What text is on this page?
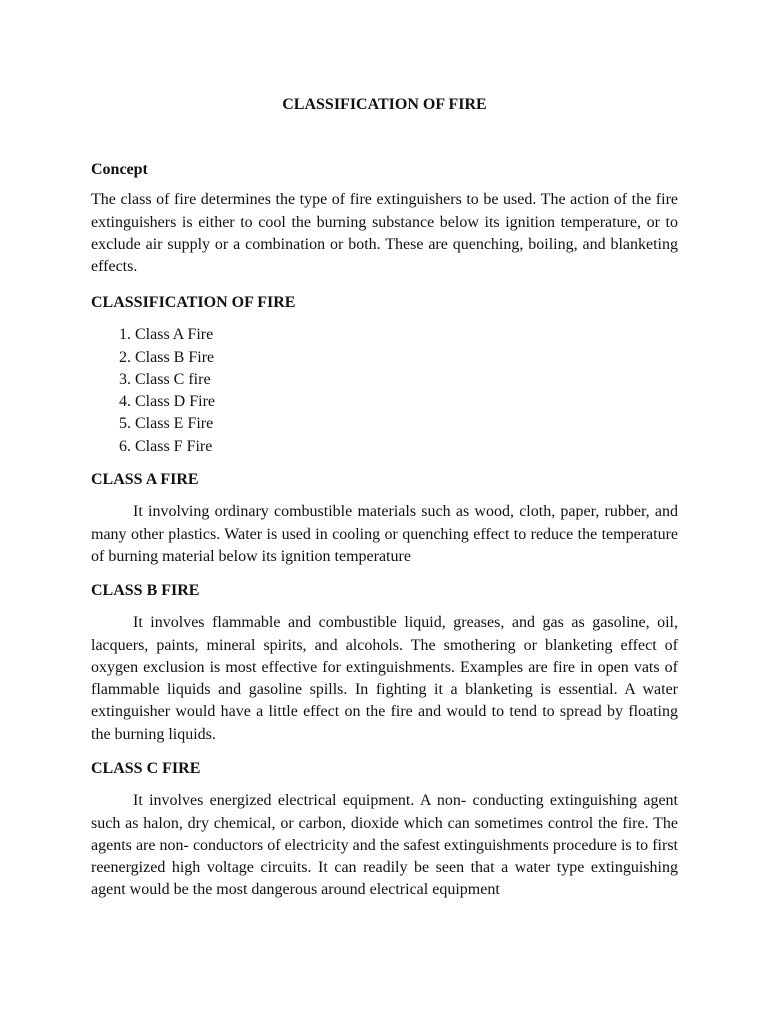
CLASSIFICATION OF FIRE
Concept

The class of fire determines the type of fire extinguishers to be used. The action of the fire extinguishers is either to cool the burning substance below its ignition temperature, or to exclude air supply or a combination or both. These are quenching, boiling, and blanketing effects.

CLASSIFICATION OF FIRE
1. Class A Fire
2. Class B Fire
3. Class C fire
4. Class D Fire
5. Class E Fire
6. Class F Fire
CLASS A FIRE

It involving ordinary combustible materials such as wood, cloth, paper, rubber, and many other plastics. Water is used in cooling or quenching effect to reduce the temperature of burning material below its ignition temperature

CLASS B FIRE

It involves flammable and combustible liquid, greases, and gas as gasoline, oil, lacquers, paints, mineral spirits, and alcohols. The smothering or blanketing effect of oxygen exclusion is most effective for extinguishments. Examples are fire in open vats of flammable liquids and gasoline spills. In fighting it a blanketing is essential. A water extinguisher would have a little effect on the fire and would to tend to spread by floating the burning liquids.

CLASS C FIRE

It involves energized electrical equipment. A non- conducting extinguishing agent such as halon, dry chemical, or carbon, dioxide which can sometimes control the fire. The agents are non- conductors of electricity and the safest extinguishments procedure is to first reenergized high voltage circuits. It can readily be seen that a water type extinguishing agent would be the most dangerous around electrical equipment
